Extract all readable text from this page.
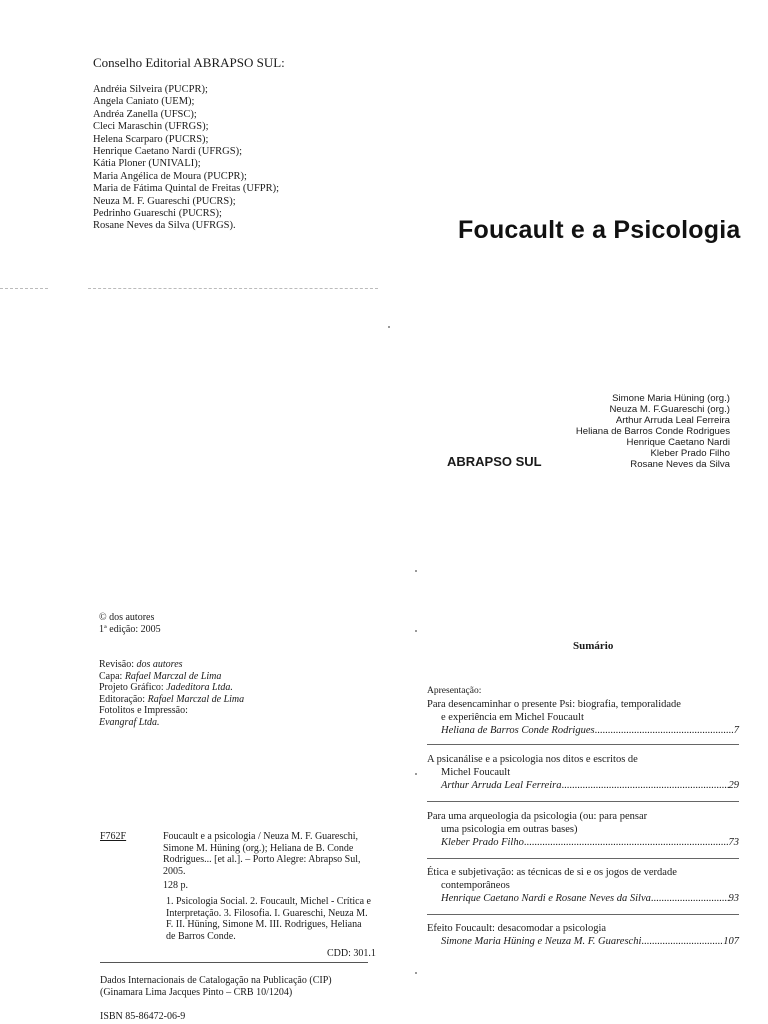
Conselho Editorial ABRAPSO SUL:
Andréia Silveira (PUCPR);
Angela Caniato (UEM);
Andréa Zanella (UFSC);
Cleci Maraschin (UFRGS);
Helena Scarparo (PUCRS);
Henrique Caetano Nardi (UFRGS);
Kátia Ploner (UNIVALI);
Maria Angélica de Moura (PUCPR);
Maria de Fátima Quintal de Freitas (UFPR);
Neuza M. F. Guareschi (PUCRS);
Pedrinho Guareschi (PUCRS);
Rosane Neves da Silva (UFRGS).	Foucault e a Psicologia
Simone Maria Hüning (org.)
Neuza M. F.Guareschi (org.)
Arthur Arruda Leal Ferreira
Heliana de Barros Conde Rodrigues
Henrique Caetano Nardi
Kleber Prado Filho
Rosane Neves da Silva
ABRAPSO SUL
© dos autores
1ª edição: 2005
Revisão: dos autores
Capa: Rafael Marczal de Lima
Projeto Gráfico: Jadeditora Ltda.
Editoração: Rafael Marczal de Lima
Fotolitos e Impressão:
Evangraf Ltda.
F762F	Foucault e a psicologia / Neuza M. F. Guareschi, Simone M. Hüning (org.); Heliana de B. Conde Rodrigues... [et al.]. – Porto Alegre: Abrapso Sul, 2005.
128 p.
1. Psicologia Social. 2. Foucault, Michel - Crítica e Interpretação. 3. Filosofia. I. Guareschi, Neuza M. F. II. Hüning, Simone M. III. Rodrigues, Heliana de Barros Conde.
CDD: 301.1
Dados Internacionais de Catalogação na Publicação (CIP)
(Ginamara Lima Jacques Pinto – CRB 10/1204)
ISBN 85-86472-06-9
Sumário
Apresentação:
Para desencaminhar o presente Psi: biografia, temporalidade
e experiência em Michel Foucault
Heliana de Barros Conde Rodrigues .....	7
A psicanálise e a psicologia nos ditos e escritos de
Michel Foucault
Arthur Arruda Leal Ferreira .....	29
Para uma arqueologia da psicologia (ou: para pensar
uma psicologia em outras bases)
Kleber Prado Filho .....	73
Ética e subjetivação: as técnicas de si e os jogos de verdade
contemporâneos
Henrique Caetano Nardi e Rosane Neves da Silva .....	93
Efeito Foucault: desacomodar a psicologia
Simone Maria Hüning e Neuza M. F. Guareschi .....	107
